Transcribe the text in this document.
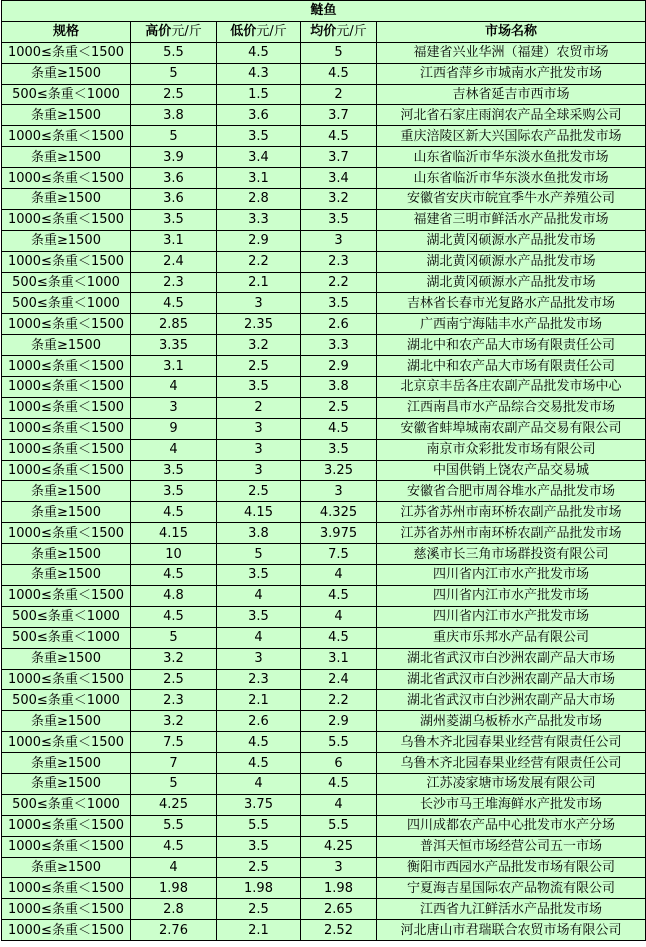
鲢鱼				
规格	高价元/斤	低价元/斤	均价元/斤	市场名称
1000≤条重＜1500	5.5	4.5	5	福建省兴业华洲（福建）农贸市场
条重≥1500	5	4.3	4.5	江西省萍乡市城南水产批发市场
500≤条重＜1000	2.5	1.5	2	吉林省延吉市西市场
条重≥1500	3.8	3.6	3.7	河北省石家庄雨润农产品全球采购公司
1000≤条重＜1500	5	3.5	4.5	重庆涪陵区新大兴国际农产品批发市场
条重≥1500	3.9	3.4	3.7	山东省临沂市华东淡水鱼批发市场
1000≤条重＜1500	3.6	3.1	3.4	山东省临沂市华东淡水鱼批发市场
条重≥1500	3.6	2.8	3.2	安徽省安庆市皖宜季牛水产养殖公司
1000≤条重＜1500	3.5	3.3	3.5	福建省三明市鲜活水产品批发市场
条重≥1500	3.1	2.9	3	湖北黄冈硕源水产品批发市场
1000≤条重＜1500	2.4	2.2	2.3	湖北黄冈硕源水产品批发市场
500≤条重＜1000	2.3	2.1	2.2	湖北黄冈硕源水产品批发市场
500≤条重＜1000	4.5	3	3.5	吉林省长春市光复路水产品批发市场
1000≤条重＜1500	2.85	2.35	2.6	广西南宁海陆丰水产品批发市场
条重≥1500	3.35	3.2	3.3	湖北中和农产品大市场有限责任公司
1000≤条重＜1500	3.1	2.5	2.9	湖北中和农产品大市场有限责任公司
1000≤条重＜1500	4	3.5	3.8	北京京丰岳各庄农副产品批发市场中心
1000≤条重＜1500	3	2	2.5	江西南昌市水产品综合交易批发市场
1000≤条重＜1500	9	3	4.5	安徽省蚌埠城南农副产品交易有限公司
1000≤条重＜1500	4	3	3.5	南京市众彩批发市场有限公司
1000≤条重＜1500	3.5	3	3.25	中国供销上饶农产品交易城
条重≥1500	3.5	2.5	3	安徽省合肥市周谷堆水产品批发市场
条重≥1500	4.5	4.15	4.325	江苏省苏州市南环桥农副产品批发市场
1000≤条重＜1500	4.15	3.8	3.975	江苏省苏州市南环桥农副产品批发市场
条重≥1500	10	5	7.5	慈溪市长三角市场群投资有限公司
条重≥1500	4.5	3.5	4	四川省内江市水产批发市场
1000≤条重＜1500	4.8	4	4.5	四川省内江市水产批发市场
500≤条重＜1000	4.5	3.5	4	四川省内江市水产批发市场
500≤条重＜1000	5	4	4.5	重庆市乐邦水产品有限公司
条重≥1500	3.2	3	3.1	湖北省武汉市白沙洲农副产品大市场
1000≤条重＜1500	2.5	2.3	2.4	湖北省武汉市白沙洲农副产品大市场
500≤条重＜1000	2.3	2.1	2.2	湖北省武汉市白沙洲农副产品大市场
条重≥1500	3.2	2.6	2.9	湖州菱湖乌板桥水产品批发市场
1000≤条重＜1500	7.5	4.5	5.5	乌鲁木齐北园春果业经营有限责任公司
条重≥1500	7	4.5	6	乌鲁木齐北园春果业经营有限责任公司
条重≥1500	5	4	4.5	江苏凌家塘市场发展有限公司
500≤条重＜1000	4.25	3.75	4	长沙市马王堆海鲜水产批发市场
1000≤条重＜1500	5.5	5.5	5.5	四川成都农产品中心批发市水产分场
1000≤条重＜1500	4.5	3.5	4.25	普洱天恒市场经营公司五一市场
条重≥1500	4	2.5	3	衡阳市西园水产品批发市场有限公司
1000≤条重＜1500	1.98	1.98	1.98	宁夏海吉星国际农产品物流有限公司
1000≤条重＜1500	2.8	2.5	2.65	江西省九江鲜活水产品批发市场
1000≤条重＜1500	2.76	2.1	2.52	河北唐山市君瑞联合农贸市场有限公司
